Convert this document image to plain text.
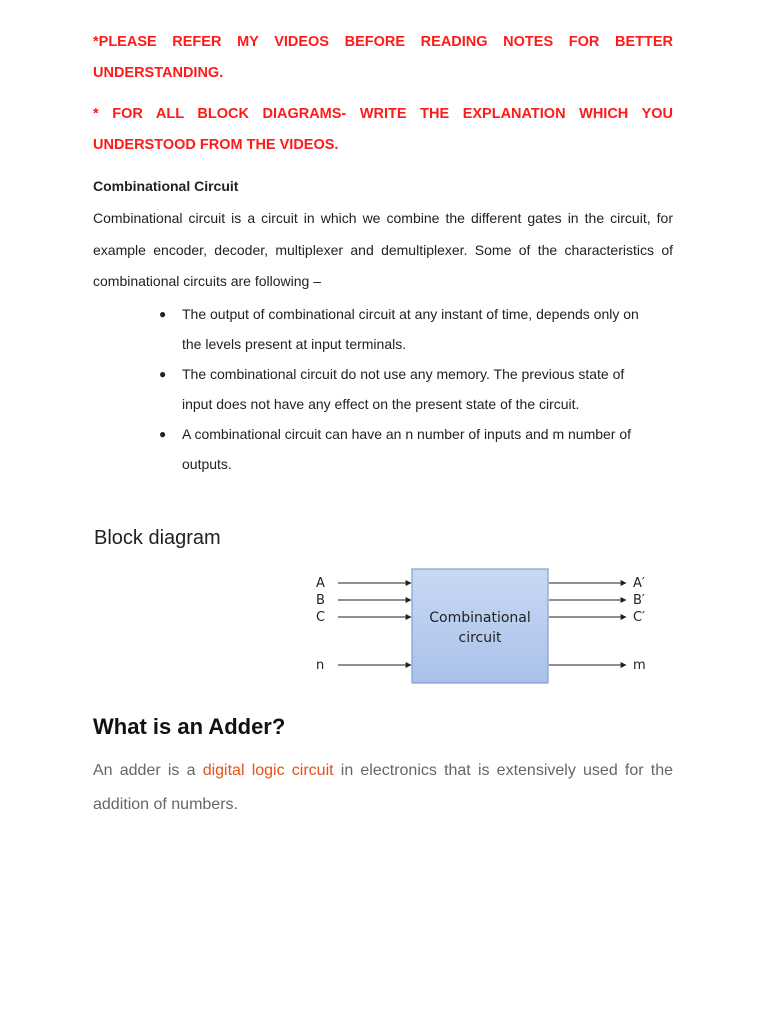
*PLEASE REFER MY VIDEOS BEFORE READING NOTES FOR BETTER UNDERSTANDING.

* FOR ALL BLOCK DIAGRAMS- WRITE THE EXPLANATION WHICH YOU UNDERSTOOD FROM THE VIDEOS.

Combinational Circuit

Combinational circuit is a circuit in which we combine the different gates in the circuit, for example encoder, decoder, multiplexer and demultiplexer. Some of the characteristics of combinational circuits are following –

● The output of combinational circuit at any instant of time, depends only on the levels present at input terminals.
● The combinational circuit do not use any memory. The previous state of input does not have any effect on the present state of the circuit.
● A combinational circuit can have an n number of inputs and m number of outputs.

Block diagram

What is an Adder?

An adder is a digital logic circuit in electronics that is extensively used for the addition of numbers.

Combinational
circuit
A
B
C
n
A′
B′
C′
m
